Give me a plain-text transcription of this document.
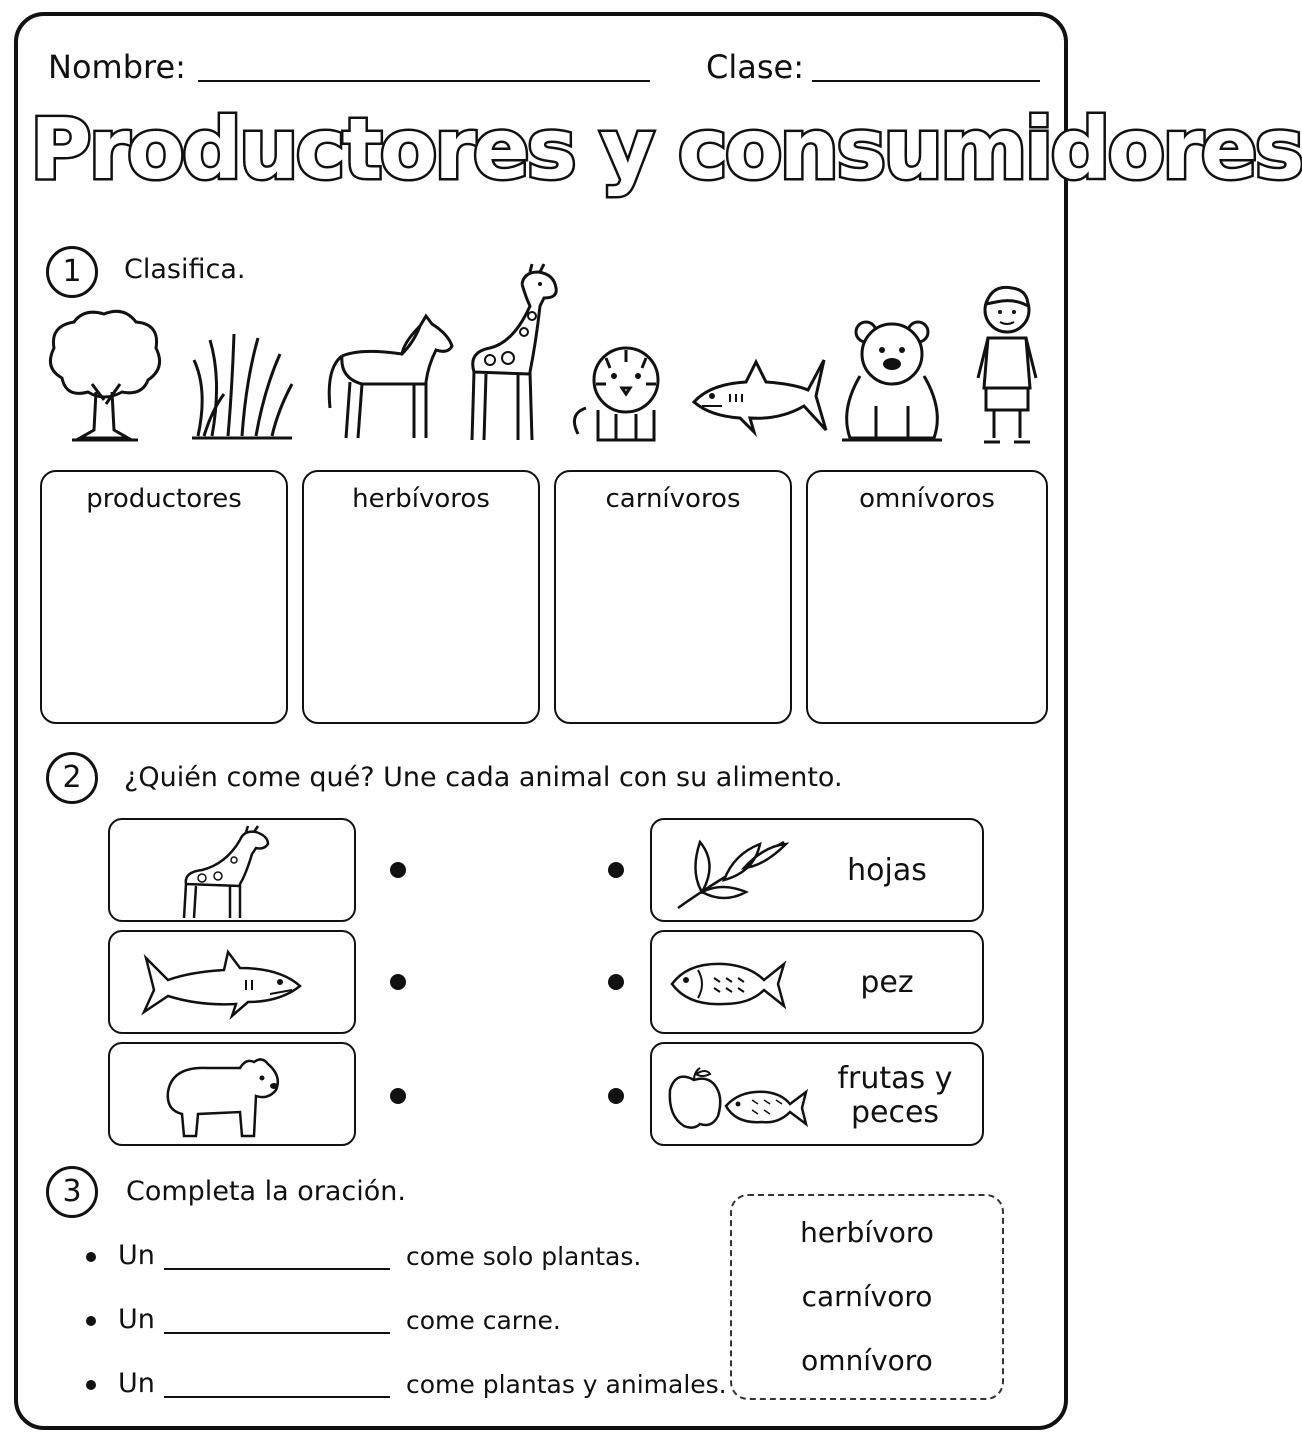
Nombre:	Clase:
Productores y consumidores
1	Clasifica.
productores	herbívoros	carnívoros	omnívoros
2	¿Quién come qué? Une cada animal con su alimento.
hojas
pez
frutas y peces
3	Completa la oración.
Un	come solo plantas.
Un	come carne.
Un	come plantas y animales.
herbívoro
carnívoro
omnívoro
